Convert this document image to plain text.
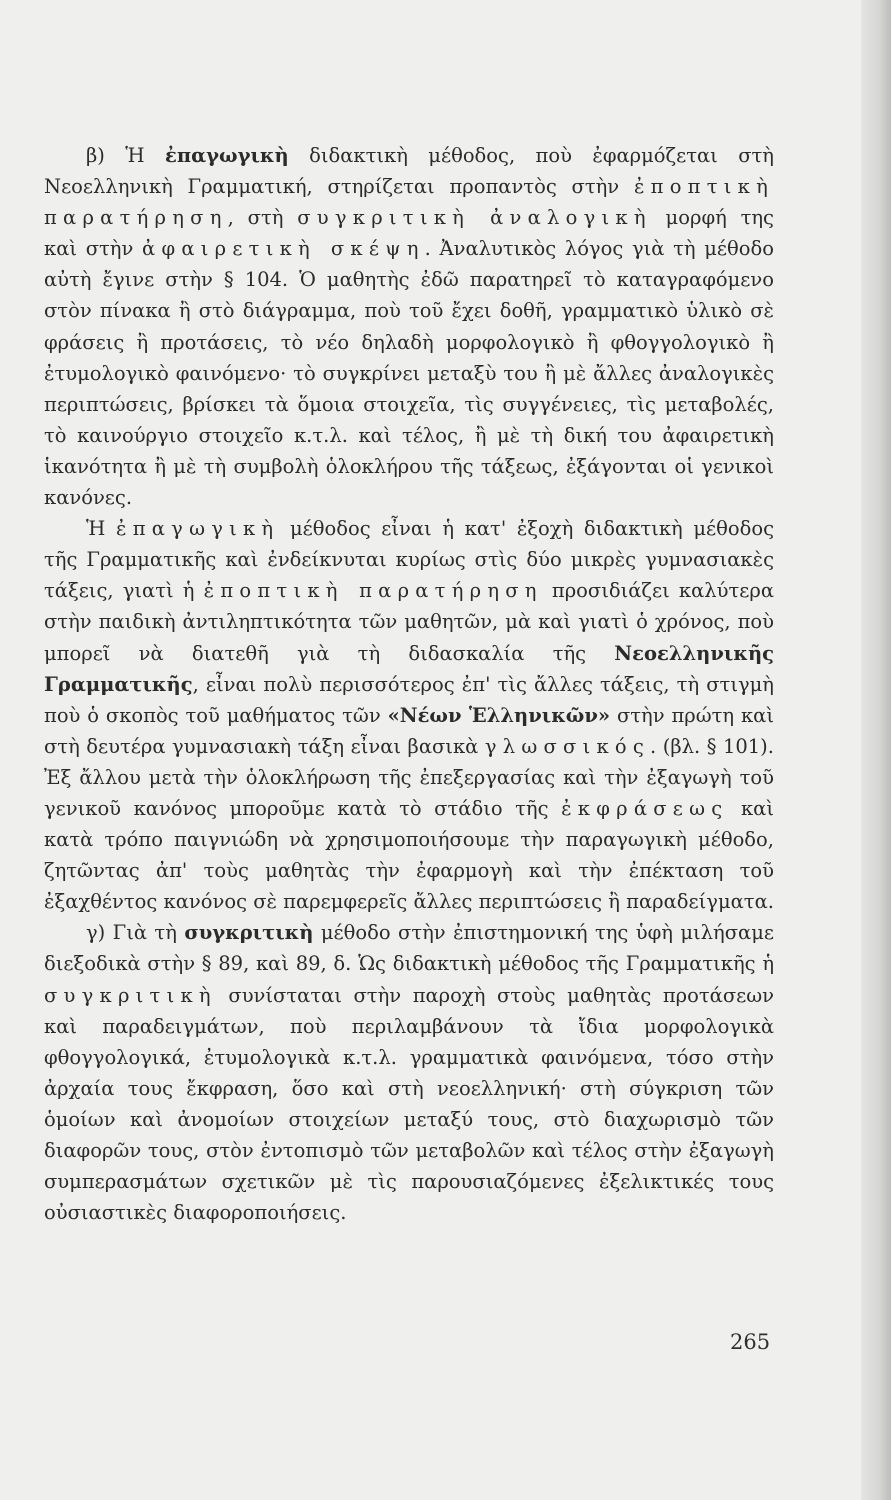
β) Ἡ ἐπαγωγικὴ διδακτικὴ μέθοδος, ποὺ ἐφαρμόζεται στὴ Νεοελληνικὴ Γραμματική, στηρίζεται προπαντὸς στὴν ἐποπτικὴ παρατήρηση, στὴ συγκριτικὴ ἀναλογικὴ μορφή της καὶ στὴν ἀφαιρετικὴ σκέψη. Ἀναλυτικὸς λόγος γιὰ τὴ μέθοδο αὐτὴ ἔγινε στὴν § 104. Ὁ μαθητὴς ἐδῶ παρατηρεῖ τὸ καταγραφόμενο στὸν πίνακα ἢ στὸ διάγραμμα, ποὺ τοῦ ἔχει δοθῆ, γραμματικὸ ὑλικὸ σὲ φράσεις ἢ προτάσεις, τὸ νέο δηλαδὴ μορφολογικὸ ἢ φθογγολογικὸ ἢ ἐτυμολογικὸ φαινόμενο· τὸ συγκρίνει μεταξὺ του ἢ μὲ ἄλλες ἀναλογικὲς περιπτώσεις, βρίσκει τὰ ὅμοια στοιχεῖα, τὶς συγγένειες, τὶς μεταβολές, τὸ καινούργιο στοιχεῖο κ.τ.λ. καὶ τέλος, ἢ μὲ τὴ δική του ἀφαιρετικὴ ἱκανότητα ἢ μὲ τὴ συμβολὴ ὁλοκλήρου τῆς τάξεως, ἐξάγονται οἱ γενικοὶ κανόνες.

Ἡ ἐπαγωγικὴ μέθοδος εἶναι ἡ κατ' ἐξοχὴ διδακτικὴ μέθοδος τῆς Γραμματικῆς καὶ ἐνδείκνυται κυρίως στὶς δύο μικρὲς γυμνασιακὲς τάξεις, γιατὶ ἡ ἐποπτικὴ παρατήρηση προσιδιάζει καλύτερα στὴν παιδικὴ ἀντιληπτικότητα τῶν μαθητῶν, μὰ καὶ γιατὶ ὁ χρόνος, ποὺ μπορεῖ νὰ διατεθῆ γιὰ τὴ διδασκαλία τῆς Νεοελληνικῆς Γραμματικῆς, εἶναι πολὺ περισσότερος ἐπ' τὶς ἄλλες τάξεις, τὴ στιγμὴ ποὺ ὁ σκοπὸς τοῦ μαθήματος τῶν «Νέων Ἑλληνικῶν» στὴν πρώτη καὶ στὴ δευτέρα γυμνασιακὴ τάξη εἶναι βασικὰ γλωσσικός. (βλ. § 101). Ἐξ ἄλλου μετὰ τὴν ὁλοκλήρωση τῆς ἐπεξεργασίας καὶ τὴν ἐξαγωγὴ τοῦ γενικοῦ κανόνος μποροῦμε κατὰ τὸ στάδιο τῆς ἐκφράσεως καὶ κατὰ τρόπο παιγνιώδη νὰ χρησιμοποιήσουμε τὴν παραγωγικὴ μέθοδο, ζητῶντας ἀπ' τοὺς μαθητὰς τὴν ἐφαρμογὴ καὶ τὴν ἐπέκταση τοῦ ἐξαχθέντος κανόνος σὲ παρεμφερεῖς ἄλλες περιπτώσεις ἢ παραδείγματα.

γ) Γιὰ τὴ συγκριτικὴ μέθοδο στὴν ἐπιστημονική της ὑφὴ μιλήσαμε διεξοδικὰ στὴν § 89, καὶ 89, δ. Ὡς διδακτικὴ μέθοδος τῆς Γραμματικῆς ἡ συγκριτικὴ συνίσταται στὴν παροχὴ στοὺς μαθητὰς προτάσεων καὶ παραδειγμάτων, ποὺ περιλαμβάνουν τὰ ἴδια μορφολογικὰ φθογγολογικά, ἐτυμολογικὰ κ.τ.λ. γραμματικὰ φαινόμενα, τόσο στὴν ἀρχαία τους ἔκφραση, ὅσο καὶ στὴ νεοελληνική· στὴ σύγκριση τῶν ὁμοίων καὶ ἀνομοίων στοιχείων μεταξύ τους, στὸ διαχωρισμὸ τῶν διαφορῶν τους, στὸν ἐντοπισμὸ τῶν μεταβολῶν καὶ τέλος στὴν ἐξαγωγὴ συμπερασμάτων σχετικῶν μὲ τὶς παρουσιαζόμενες ἐξελικτικές τους οὐσιαστικὲς διαφοροποιήσεις.

265
